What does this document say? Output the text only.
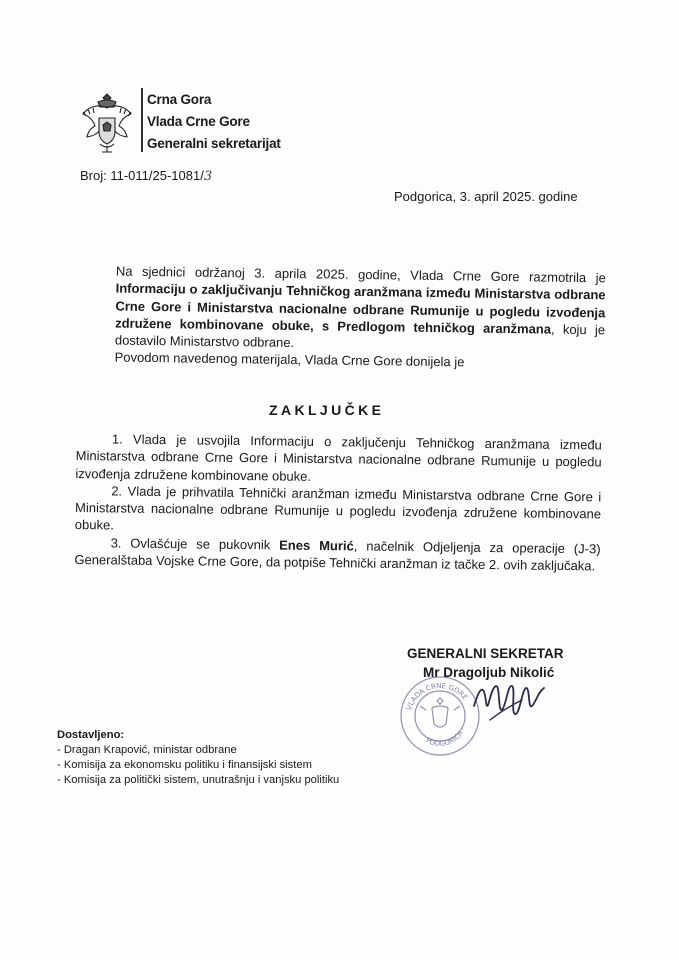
Crna Gora
Vlada Crne Gore
Generalni sekretarijat
Broj: 11-011/25-1081/3
Podgorica, 3. april 2025. godine
Na sjednici održanoj 3. aprila 2025. godine, Vlada Crne Gore razmotrila je Informaciju o zaključivanju Tehničkog aranžmana između Ministarstva odbrane Crne Gore i Ministarstva nacionalne odbrane Rumunije u pogledu izvođenja združene kombinovane obuke, s Predlogom tehničkog aranžmana, koju je dostavilo Ministarstvo odbrane.
Povodom navedenog materijala, Vlada Crne Gore donijela je
ZAKLJUČKE

1. Vlada je usvojila Informaciju o zaključenju Tehničkog aranžmana između Ministarstva odbrane Crne Gore i Ministarstva nacionalne odbrane Rumunije u pogledu izvođenja združene kombinovane obuke.

2. Vlada je prihvatila Tehnički aranžman između Ministarstva odbrane Crne Gore i Ministarstva nacionalne odbrane Rumunije u pogledu izvođenja združene kombinovane obuke.

3. Ovlašćuje se pukovnik Enes Murić, načelnik Odjeljenja za operacije (J-3) Generalštaba Vojske Crne Gore, da potpiše Tehnički aranžman iz tačke 2. ovih zaključaka.

GENERALNI SEKRETAR
Mr Dragoljub Nikolić
VLADA CRNE GORE
PODGORICA
Dostavljeno:
- Dragan Krapović, ministar odbrane
- Komisija za ekonomsku politiku i finansijski sistem
- Komisija za politički sistem, unutrašnju i vanjsku politiku
